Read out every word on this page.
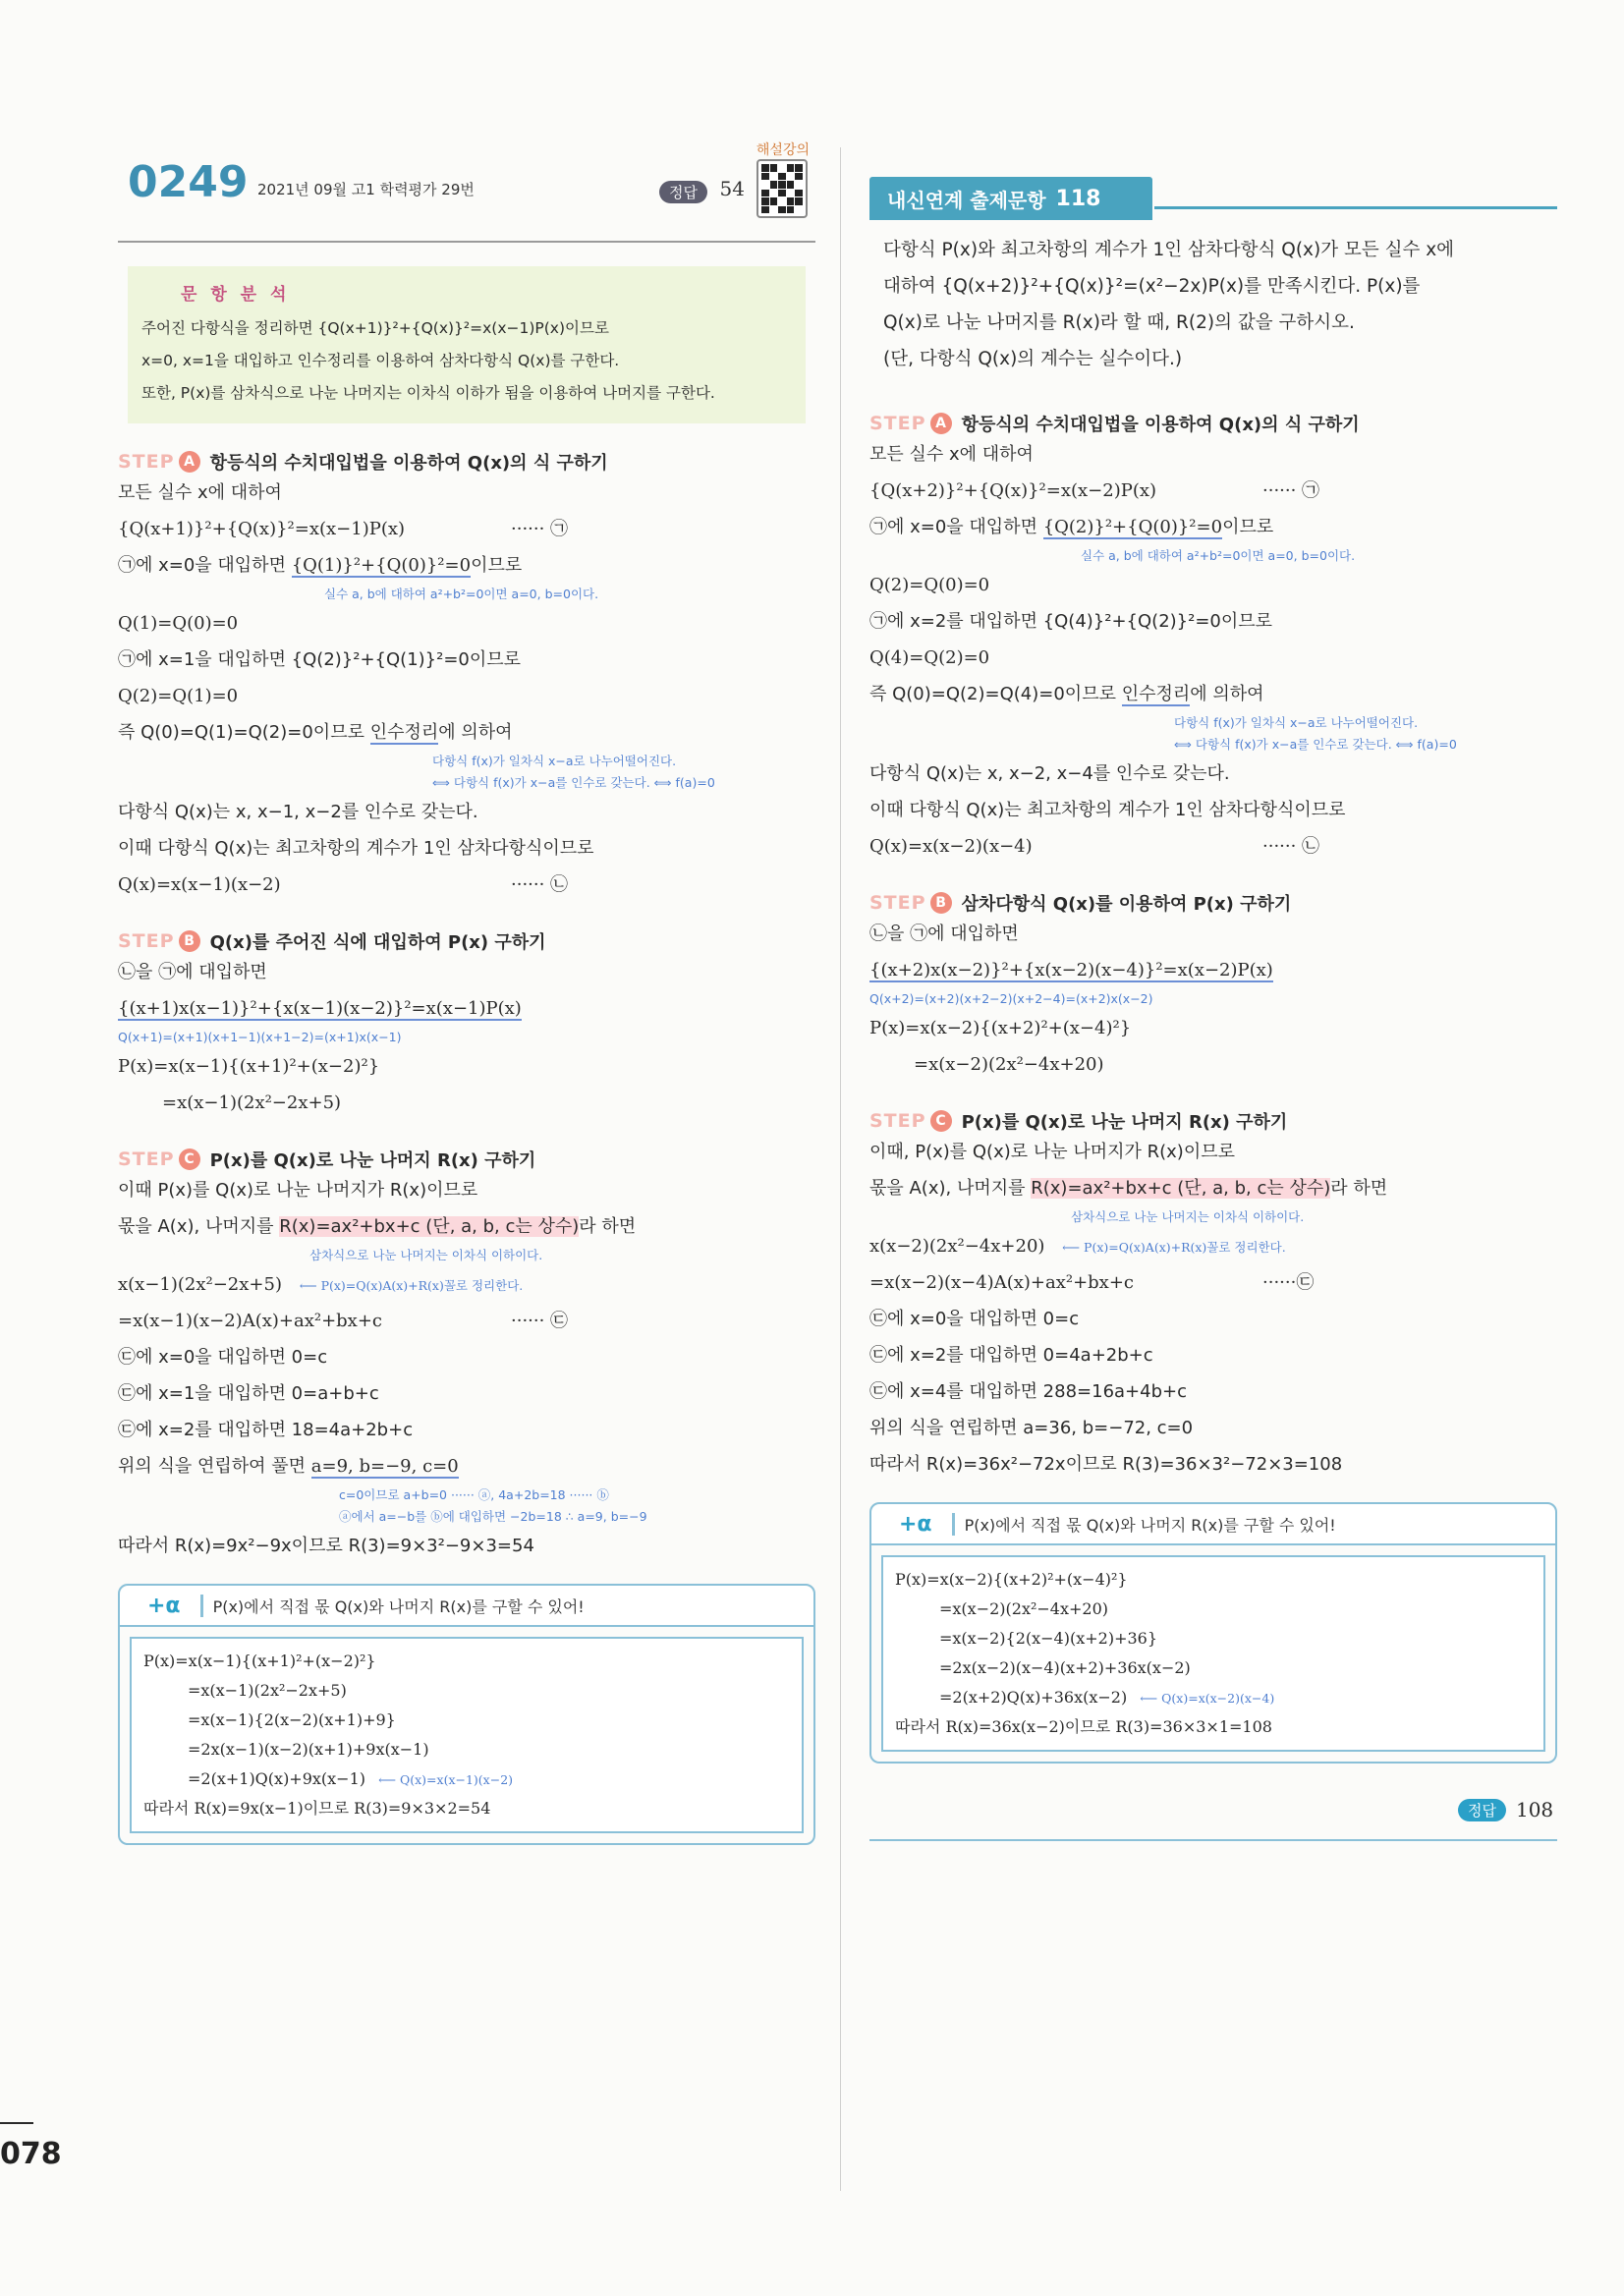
0249 2021년 09월 고1 학력평가 29번	정답	54
해설강의
문 항 분 석

주어진 다항식을 정리하면 {Q(x+1)}²+{Q(x)}²=x(x−1)P(x)이므로
x=0, x=1을 대입하고 인수정리를 이용하여 삼차다항식 Q(x)를 구한다.
또한, P(x)를 삼차식으로 나눈 나머지는 이차식 이하가 됨을 이용하여 나머지를 구한다.

STEP A 항등식의 수치대입법을 이용하여 Q(x)의 식 구하기
모든 실수 x에 대하여
{Q(x+1)}²+{Q(x)}²=x(x−1)P(x)	······ ㉠
㉠에 x=0을 대입하면 {Q(1)}²+{Q(0)}²=0이므로
실수 a, b에 대하여 a²+b²=0이면 a=0, b=0이다.
Q(1)=Q(0)=0
㉠에 x=1을 대입하면 {Q(2)}²+{Q(1)}²=0이므로
Q(2)=Q(1)=0
즉 Q(0)=Q(1)=Q(2)=0이므로 인수정리에 의하여
다항식 f(x)가 일차식 x−a로 나누어떨어진다.
⟺ 다항식 f(x)가 x−a를 인수로 갖는다. ⟺ f(a)=0
다항식 Q(x)는 x, x−1, x−2를 인수로 갖는다.
이때 다항식 Q(x)는 최고차항의 계수가 1인 삼차다항식이므로
Q(x)=x(x−1)(x−2)	······ ㉡
STEP B Q(x)를 주어진 식에 대입하여 P(x) 구하기
㉡을 ㉠에 대입하면
{(x+1)x(x−1)}²+{x(x−1)(x−2)}²=x(x−1)P(x)
Q(x+1)=(x+1)(x+1−1)(x+1−2)=(x+1)x(x−1)
P(x)=x(x−1){(x+1)²+(x−2)²}
=x(x−1)(2x²−2x+5)
STEP C P(x)를 Q(x)로 나눈 나머지 R(x) 구하기
이때 P(x)를 Q(x)로 나눈 나머지가 R(x)이므로
몫을 A(x), 나머지를 R(x)=ax²+bx+c (단, a, b, c는 상수)라 하면
삼차식으로 나눈 나머지는 이차식 이하이다.
x(x−1)(2x²−2x+5) ⟵ P(x)=Q(x)A(x)+R(x)꼴로 정리한다.
=x(x−1)(x−2)A(x)+ax²+bx+c	······ ㉢
㉢에 x=0을 대입하면 0=c
㉢에 x=1을 대입하면 0=a+b+c
㉢에 x=2를 대입하면 18=4a+2b+c
위의 식을 연립하여 풀면 a=9, b=−9, c=0
c=0이므로 a+b=0 ······ ⓐ, 4a+2b=18 ······ ⓑ
ⓐ에서 a=−b를 ⓑ에 대입하면 −2b=18 ∴ a=9, b=−9
따라서 R(x)=9x²−9x이므로 R(3)=9×3²−9×3=54
+α	P(x)에서 직접 몫 Q(x)와 나머지 R(x)를 구할 수 있어!
P(x)=x(x−1){(x+1)²+(x−2)²}
=x(x−1)(2x²−2x+5)
=x(x−1){2(x−2)(x+1)+9}
=2x(x−1)(x−2)(x+1)+9x(x−1)
=2(x+1)Q(x)+9x(x−1) ⟵ Q(x)=x(x−1)(x−2)
따라서 R(x)=9x(x−1)이므로 R(3)=9×3×2=54
내신연계 출제문항 118
다항식 P(x)와 최고차항의 계수가 1인 삼차다항식 Q(x)가 모든 실수 x에
대하여 {Q(x+2)}²+{Q(x)}²=(x²−2x)P(x)를 만족시킨다. P(x)를
Q(x)로 나눈 나머지를 R(x)라 할 때, R(2)의 값을 구하시오.
(단, 다항식 Q(x)의 계수는 실수이다.)
STEP A 항등식의 수치대입법을 이용하여 Q(x)의 식 구하기
모든 실수 x에 대하여
{Q(x+2)}²+{Q(x)}²=x(x−2)P(x)	······ ㉠
㉠에 x=0을 대입하면 {Q(2)}²+{Q(0)}²=0이므로
실수 a, b에 대하여 a²+b²=0이면 a=0, b=0이다.
Q(2)=Q(0)=0
㉠에 x=2를 대입하면 {Q(4)}²+{Q(2)}²=0이므로
Q(4)=Q(2)=0
즉 Q(0)=Q(2)=Q(4)=0이므로 인수정리에 의하여
다항식 f(x)가 일차식 x−a로 나누어떨어진다.
⟺ 다항식 f(x)가 x−a를 인수로 갖는다. ⟺ f(a)=0
다항식 Q(x)는 x, x−2, x−4를 인수로 갖는다.
이때 다항식 Q(x)는 최고차항의 계수가 1인 삼차다항식이므로
Q(x)=x(x−2)(x−4)	······ ㉡
STEP B 삼차다항식 Q(x)를 이용하여 P(x) 구하기
㉡을 ㉠에 대입하면
{(x+2)x(x−2)}²+{x(x−2)(x−4)}²=x(x−2)P(x)
Q(x+2)=(x+2)(x+2−2)(x+2−4)=(x+2)x(x−2)
P(x)=x(x−2){(x+2)²+(x−4)²}
=x(x−2)(2x²−4x+20)
STEP C P(x)를 Q(x)로 나눈 나머지 R(x) 구하기
이때, P(x)를 Q(x)로 나눈 나머지가 R(x)이므로
몫을 A(x), 나머지를 R(x)=ax²+bx+c (단, a, b, c는 상수)라 하면
삼차식으로 나눈 나머지는 이차식 이하이다.
x(x−2)(2x²−4x+20) ⟵ P(x)=Q(x)A(x)+R(x)꼴로 정리한다.
=x(x−2)(x−4)A(x)+ax²+bx+c	······㉢
㉢에 x=0을 대입하면 0=c
㉢에 x=2를 대입하면 0=4a+2b+c
㉢에 x=4를 대입하면 288=16a+4b+c
위의 식을 연립하면 a=36, b=−72, c=0
따라서 R(x)=36x²−72x이므로 R(3)=36×3²−72×3=108
+α	P(x)에서 직접 몫 Q(x)와 나머지 R(x)를 구할 수 있어!
P(x)=x(x−2){(x+2)²+(x−4)²}
=x(x−2)(2x²−4x+20)
=x(x−2){2(x−4)(x+2)+36}
=2x(x−2)(x−4)(x+2)+36x(x−2)
=2(x+2)Q(x)+36x(x−2) ⟵ Q(x)=x(x−2)(x−4)
따라서 R(x)=36x(x−2)이므로 R(3)=36×3×1=108
정답	108
078
